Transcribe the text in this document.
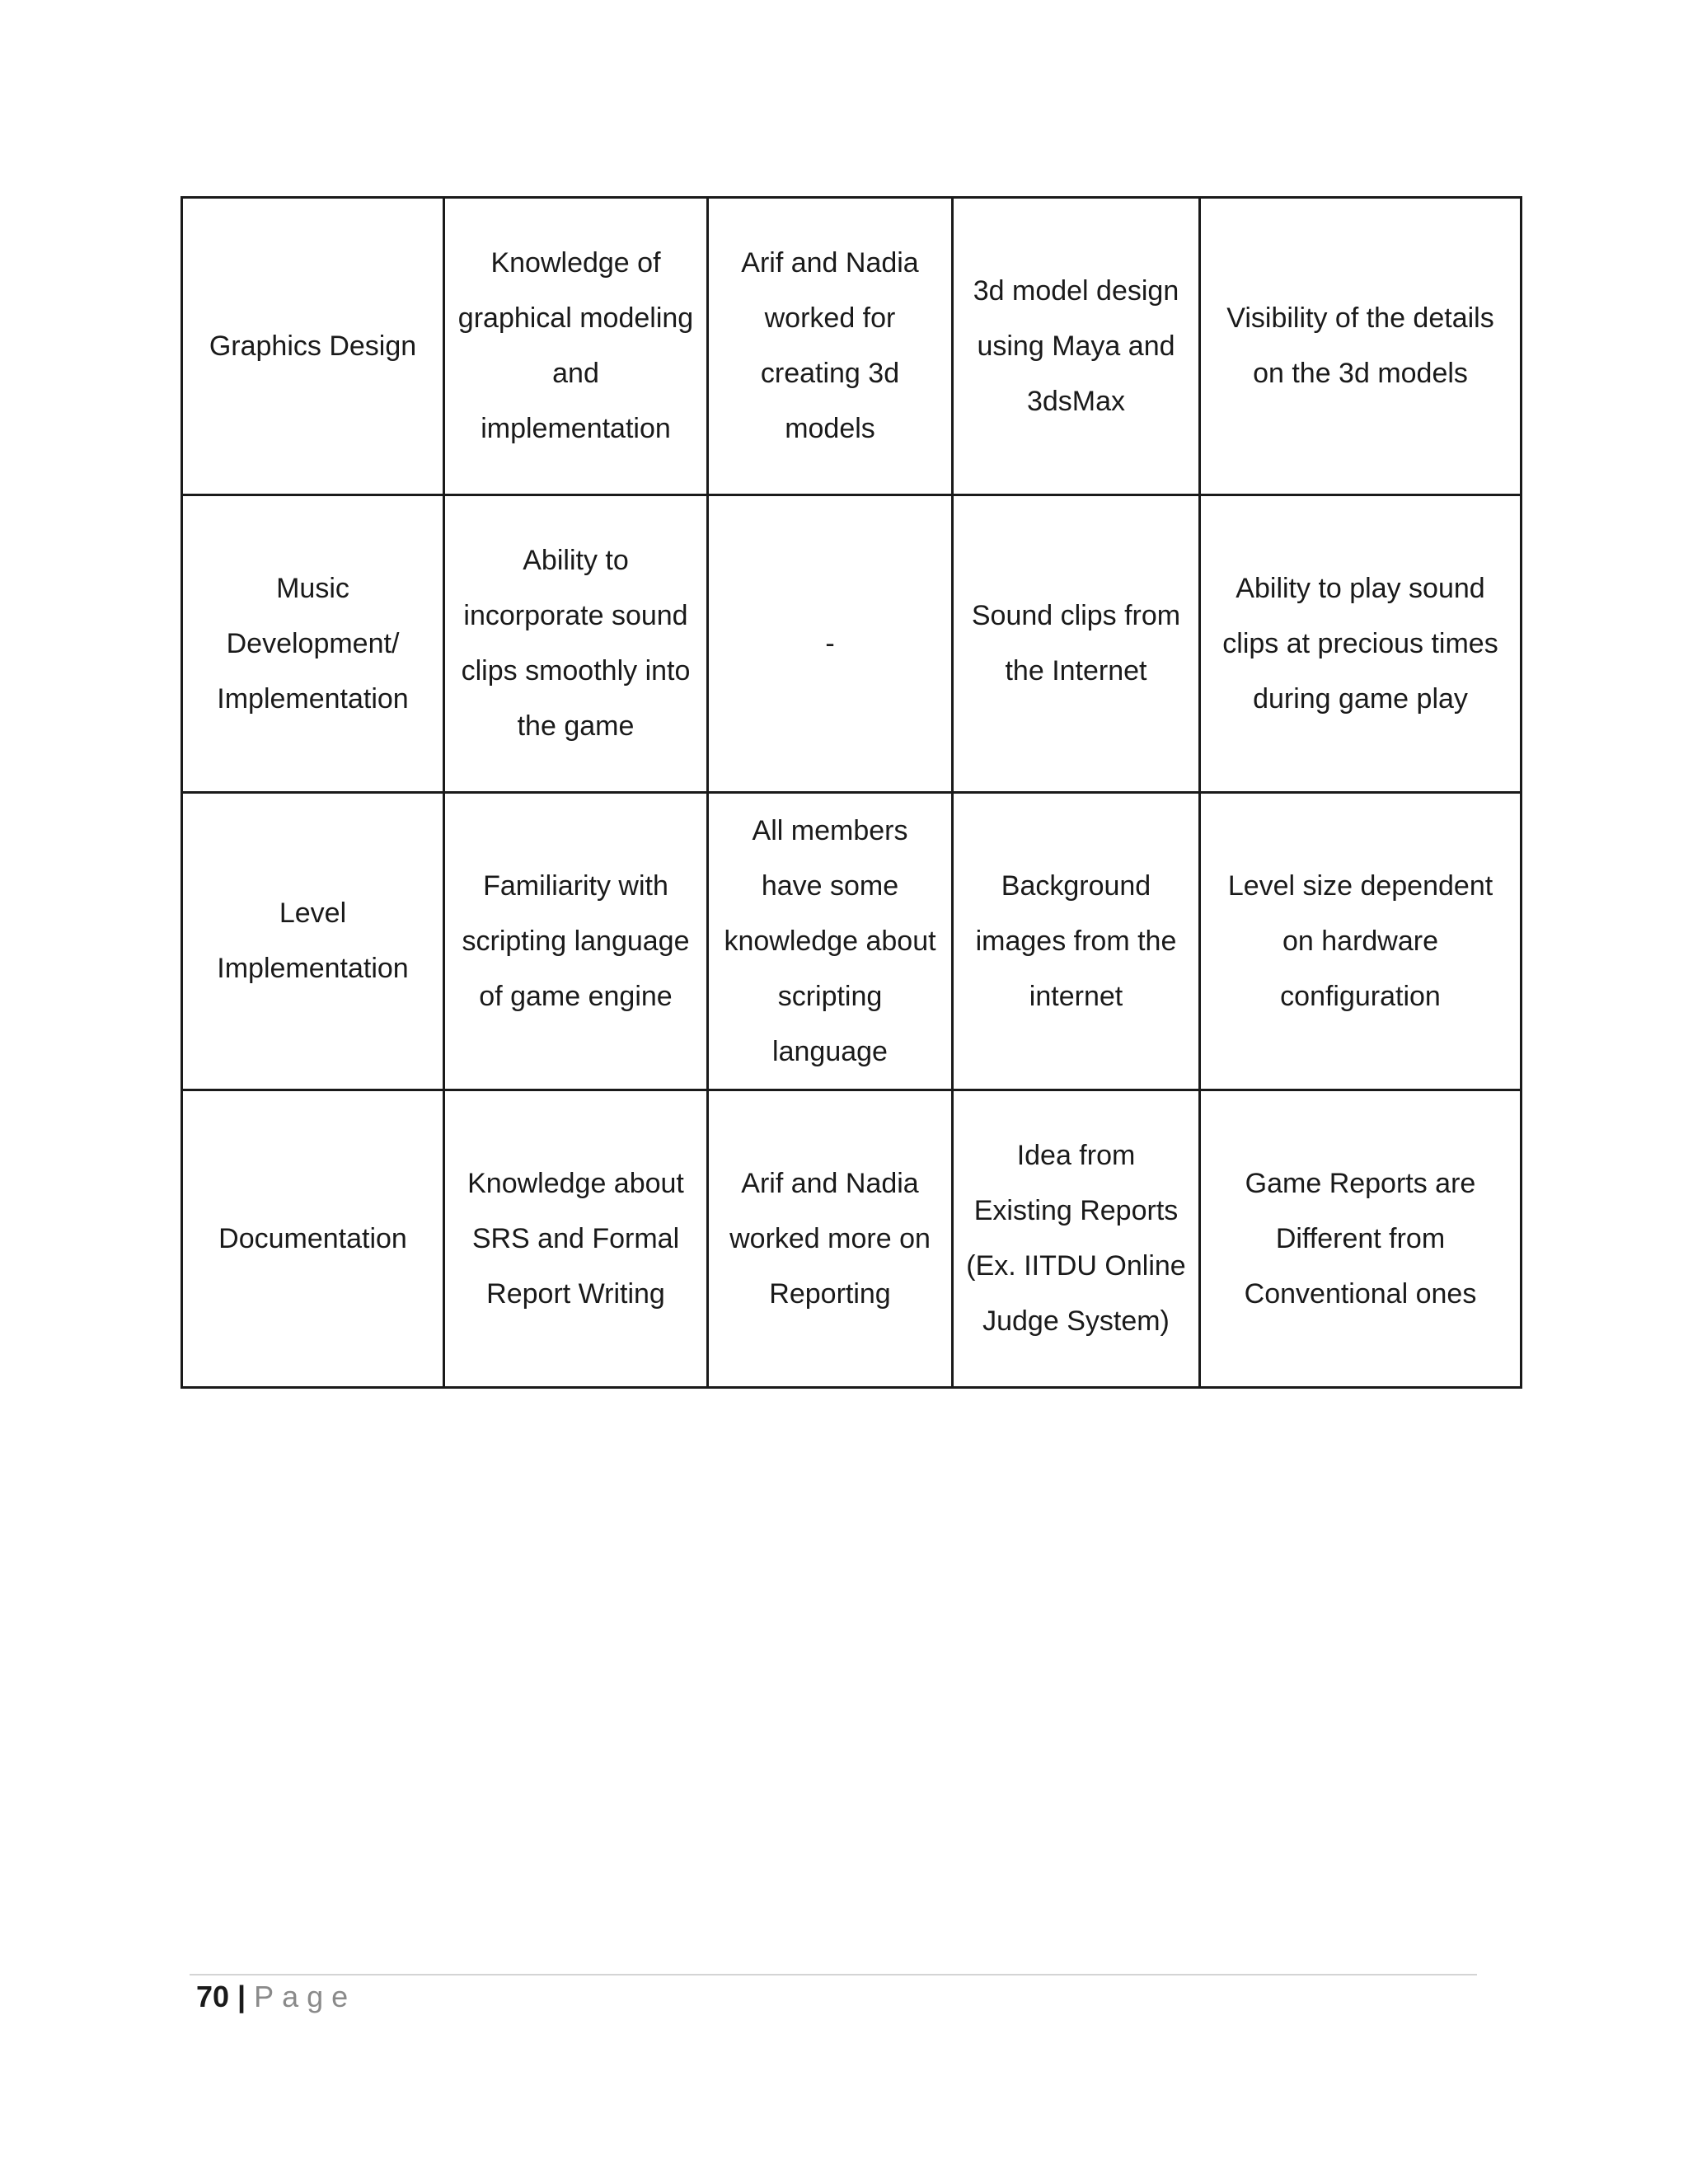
Graphics Design	Knowledge of graphical modeling and implementation	Arif and Nadia worked for creating 3d models	3d model design using Maya and 3dsMax	Visibility of the details on the 3d models

Music Development/ Implementation	Ability to incorporate sound clips smoothly into the game	-	Sound clips from the Internet	Ability to play sound clips at precious times during game play

Level Implementation	Familiarity with scripting language of game engine	All members have some knowledge about scripting language	Background images from the internet	Level size dependent on hardware configuration

Documentation	Knowledge about SRS and Formal Report Writing	Arif and Nadia worked more on Reporting	Idea from Existing Reports (Ex. IITDU Online Judge System)	Game Reports are Different from Conventional ones
70 | Page
